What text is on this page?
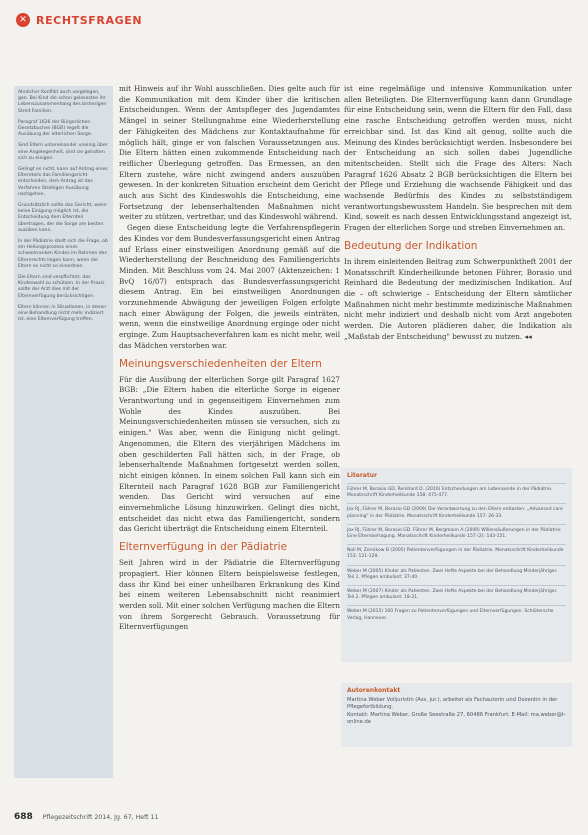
✕ RECHTSFRAGEN

Ahnlicher Konflikt auch vorgelegen, gen. Bei Kind die schon gelosesten ihr Lebenszusammenhang des bisherigen Streit Familien.

Paragraf 1626 der Bürgerlichen Gesetzbuches (BGB) regelt die Ausübung der elterlichen Sorge.

Sind Eltern untereinander uneinig über eine Angelegenheit, sind sie gehalten sich zu einigen.

Gelingt es nicht, kann auf Antrag eines Elternteils das Familiengericht entscheiden, dem Antrag ist das Verfahren Streitigen Ausübung nachgehen.

Grundsätzlich sollte das Gericht, wenn keine Einigung möglich ist, die Entscheidung dem Elternteil übertragen, der die Sorge am besten ausüben kann.

In der Pädiatrie stellt sich die Frage, ob ein Heilungsprozess eines schwerkranken Kindes im Rahmen des Elternrechts liegen kann, wenn die Eltern es nicht so einordnen.

Die Eltern sind verpflichtet, das Kindeswohl zu schützen. In der Praxis sollte der Arzt dies mit der Elternverfügung berücksichtigen.

Eltern können in Situationen, in denen eine Behandlung nicht mehr indiziert ist, eine Elternverfügung treffen.

mit Hinweis auf ihr Wohl ausschließen. Dies gelte auch für die Kommunikation mit dem Kinder über die kritischen Entscheidungen. Wenn der Amtspfleger des Jugendamtes Mängel in seiner Stellungnahme eine Wiederherstellung der Fähigkeiten des Mädchens zur Kontaktaufnahme für möglich hält, ginge er von falschen Voraussetzungen aus. Die Eltern hätten einen zukommende Entscheidung nach reiflicher Überlegung getroffen. Das Ermessen, an den Eltern zustehe, wäre nicht zwingend anders auszuüben gewesen. In der konkreten Situation erscheint dem Gericht auch aus Sicht des Kindeswohls die Entscheidung, eine Fortsetzung der lebenserhaltenden Maßnahmen nicht weiter zu stützen, vertretbar, und das Kindeswohl während.

Gegen diese Entscheidung legte die Verfahrenspflegerin des Kindes vor dem Bundesverfassungsgericht einen Antrag auf Erlass einer einstweiligen Anordnung gemäß auf die Wiederherstellung der Beschneidung des Familiengerichts Minden. Mit Beschluss vom 24. Mai 2007 (Aktenzeichen: 1 BvQ 16/07) entsprach das Bundesverfassungsgericht diesem Antrag. Ein bei einstweiligen Anordnungen vorzunehmende Abwägung der jeweiligen Folgen erfolgte nach einer Abwägung der Folgen, die jeweils einträten, wenn, wenn die einstweilige Anordnung erginge oder nicht erginge. Zum Hauptsacheverfahren kam es nicht mehr, weil das Mädchen verstorben war.

Meinungsverschiedenheiten der Eltern

Für die Ausübung der elterlichen Sorge gilt Paragraf 1627 BGB: „Die Eltern haben die elterliche Sorge in eigener Verantwortung und in gegenseitigem Einvernehmen zum Wohle des Kindes auszuüben. Bei Meinungsverschiedenheiten müssen sie versuchen, sich zu einigen." Was aber, wenn die Einigung nicht gelingt. Angenommen, die Eltern des vierjährigen Mädchens im oben geschilderten Fall hätten sich, in der Frage, ob lebenserhaltende Maßnahmen fortgesetzt werden sollen, nicht einigen können. In einem solchen Fall kann sich ein Elternteil nach Paragraf 1628 BGB zur Familiengericht wenden. Das Gericht wird versuchen auf eine einvernehmliche Lösung hinzuwirken. Gelingt dies nicht, entscheidet das nicht etwa das Familiengericht, sondern das Gericht überträgt die Entscheidung einem Elternteil.

Elternverfügung in der Pädiatrie

Seit Jahren wird in der Pädiatrie die Elternverfügung propagiert. Hier können Eltern beispielsweise festlegen, dass ihr Kind bei einer unheilbaren Erkrankung des Kind bei einem weiteren Lebensabschnitt nicht reanimiert werden soll. Mit einer solchen Verfügung machen die Eltern von ihrem Sorgerecht Gebrauch. Voraussetzung für Elternverfügungen

ist eine regelmäßige und intensive Kommunikation unter allen Beteiligten. Die Elternverfügung kann dann Grundlage für eine Entscheidung sein, wenn die Eltern für den Fall, dass eine rasche Entscheidung getroffen werden muss, nicht erreichbar sind. Ist das Kind alt genug, sollte auch die Meinung des Kindes berücksichtigt werden. Insbesondere bei der Entscheidung an sich sollen dabei Jugendliche mitentscheiden. Stellt sich die Frage des Alters: Nach Paragraf 1626 Absatz 2 BGB berücksichtigen die Eltern bei der Pflege und Erziehung die wachsende Fähigkeit und das wachsende Bedürfnis des Kindes zu selbstständigem verantwortungsbewusstem Handeln. Sie besprechen mit dem Kind, soweit es nach dessen Entwicklungsstand angezeigt ist, Fragen der elterlichen Sorge und streben Einvernehmen an.

Bedeutung der Indikation

In ihrem einleitenden Beitrag zum Schwerpunktheft 2001 der Monatsschrift Kinderheilkunde betonen Führer, Borasio und Reinhard die Bedeutung der medizinischen Indikation. Auf die – oft schwierige – Entscheidung der Eltern sämtlicher Maßnahmen nicht mehr bestimmte medizinische Maßnahmen nicht mehr indiziert und deshalb nicht vom Arzt angeboten werden. Die Autoren plädieren daher, die Indikation als „Maßstab der Entscheidung" bewusst zu nutzen. ◂◂

Literatur
Führer M, Borasio GD, Reinhard D. (2010) Entscheidungen am Lebensende in der Pädiatrie. Monatsschrift Kinderheilkunde 158: 475-477.
Jox RJ, Führer M, Borasio GD (2009) Die Verantwortung zu den Eltern entlasten: „Advanced care planning" in der Pädiatrie. Monatsschrift Kinderheilkunde 157: 26-33.
Jox RJ, Führer M, Borasio GD. Führer M, Bergmann A (2009) Willensäußerungen in der Pädiatrie: Eine Elternbefragung. Monatsschrift Kinderheilkunde 157 (2): 143-151.
Noll M, Zernikow B (2005) Patientenverfügungen in der Pädiatrie. Monatsschrift Kinderheilkunde 153: 121-129.
Weber M (2005) Kinder als Patienten. Zwei Hefte Aspekte bei der Behandlung Minderjähriger. Teil 1. Pflegen ambulant: 37-40.
Weber M (2007) Kinder als Patienten. Zwei Hefte Aspekte bei der Behandlung Minderjähriger. Teil 2. Pflegen ambulant: 18-21.
Weber M (2015) 100 Fragen zu Patientenverfügungen und Elternverfügungen. Schlütersche Verlag, Hannover.
Autorenkontakt
Martina Weber Volljuristin (Ass. jur.), arbeitet als Fachautorin und Dozentin in der Pflegefortbildung.
Kontakt: Martina Weber, Große Seestraße 27, 60486 Frankfurt. E-Mail: ma.weber@t-online.de
688 Pflegezeitschrift 2014, Jg. 67, Heft 11
